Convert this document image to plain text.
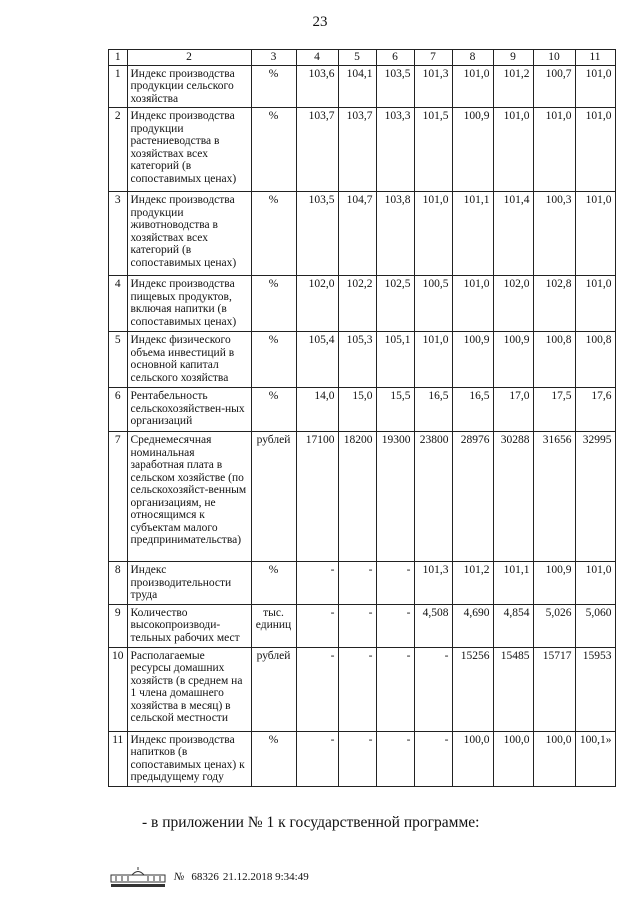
23
1	2	3	4	5	6	7	8	9	10	11
1	Индекс производства продукции сельского хозяйства	%	103,6	104,1	103,5	101,3	101,0	101,2	100,7	101,0
2	Индекс производства продукции растениеводства в хозяйствах всех категорий (в сопоставимых ценах)	%	103,7	103,7	103,3	101,5	100,9	101,0	101,0	101,0
3	Индекс производства продукции животноводства в хозяйствах всех категорий (в сопоставимых ценах)	%	103,5	104,7	103,8	101,0	101,1	101,4	100,3	101,0
4	Индекс производства пищевых продуктов, включая напитки (в сопоставимых ценах)	%	102,0	102,2	102,5	100,5	101,0	102,0	102,8	101,0
5	Индекс физического объема инвестиций в основной капитал сельского хозяйства	%	105,4	105,3	105,1	101,0	100,9	100,9	100,8	100,8
6	Рентабельность сельскохозяйствен-ных организаций	%	14,0	15,0	15,5	16,5	16,5	17,0	17,5	17,6
7	Среднемесячная номинальная заработная плата в сельском хозяйстве (по сельскохозяйст-венным организациям, не относящимся к субъектам малого предпринимательства)	рублей	17100	18200	19300	23800	28976	30288	31656	32995
8	Индекс производительности труда	%	-	-	-	101,3	101,2	101,1	100,9	101,0
9	Количество высокопроизводи-тельных рабочих мест	тыс. единиц	-	-	-	4,508	4,690	4,854	5,026	5,060
10	Располагаемые ресурсы домашних хозяйств (в среднем на 1 члена домашнего хозяйства в месяц) в сельской местности	рублей	-	-	-	-	15256	15485	15717	15953
11	Индекс производства напитков (в сопоставимых ценах) к предыдущему году	%	-	-	-	-	100,0	100,0	100,0	100,1»
- в приложении № 1 к государственной программе:
№ 68326 21.12.2018 9:34:49
